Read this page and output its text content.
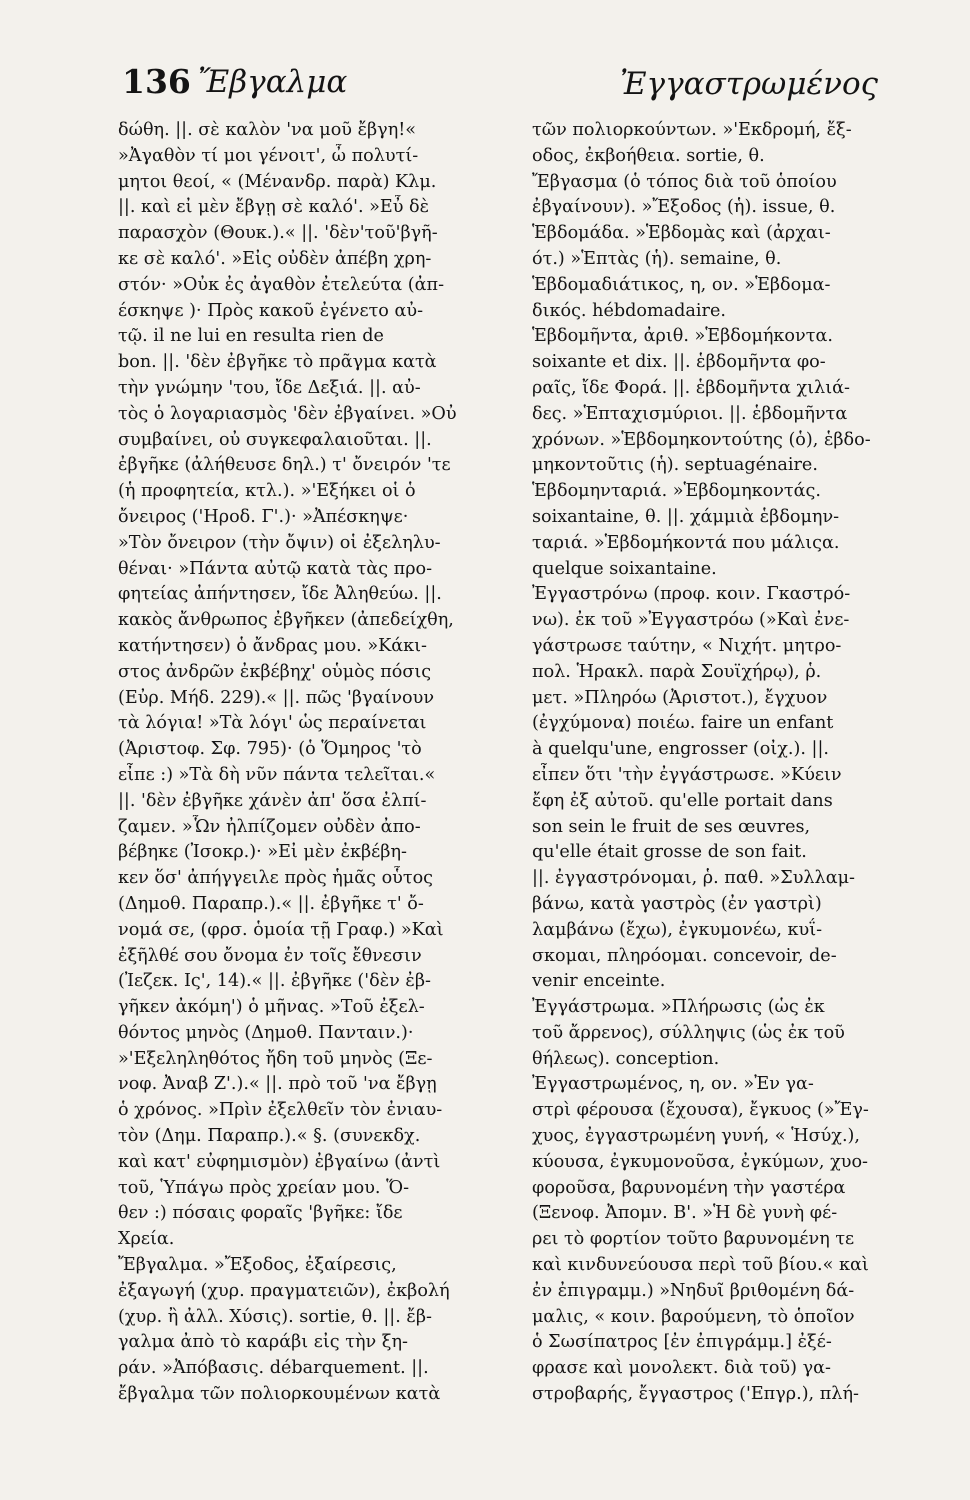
136 Ἔβγαλμα	Ἐγγαστρωμένος
δώθη. ||. σὲ καλὸν 'να μοῦ ἔβγη!«
»Ἀγαθὸν τί μοι γένοιτ', ὦ πολυτί-
μητοι θεοί, « (Μένανδρ. παρὰ) Κλμ.
||. καὶ εἰ μὲν ἔβγῃ σὲ καλό'. »Εὖ δὲ
παρασχὸν (Θουκ.).« ||. 'δὲν'τοῦ'βγῆ-
κε σὲ καλό'. »Εἰς οὐδὲν ἀπέβη χρη-
στόν· »Οὐκ ἐς ἀγαθὸν ἐτελεύτα (ἀπ-
έσκηψε )· Πρὸς κακοῦ ἐγένετο αὐ-
τῷ. il ne lui en resulta rien de
bon. ||. 'δὲν ἐβγῆκε τὸ πρᾶγμα κατὰ
τὴν γνώμην 'του, ἴδε Δεξιά. ||. αὐ-
τὸς ὁ λογαριασμὸς 'δὲν ἐβγαίνει. »Οὐ
συμβαίνει, οὐ συγκεφαλαιοῦται. ||.
ἐβγῆκε (ἀλήθευσε δηλ.) τ' ὄνειρόν 'τε
(ἡ προφητεία, κτλ.). »'Εξήκει οἱ ὁ
ὄνειρος ('Ηροδ. Γ'.)· »Ἀπέσκηψε·
»Τὸν ὄνειρον (τὴν ὄψιν) οἱ ἐξεληλυ-
θέναι· »Πάντα αὐτῷ κατὰ τὰς προ-
φητείας ἀπήντησεν, ἴδε Ἀληθεύω. ||.
κακὸς ἄνθρωπος ἐβγῆκεν (ἀπεδείχθη,
κατήντησεν) ὁ ἄνδρας μου. »Κάκι-
στος ἀνδρῶν ἐκβέβηχ' οὑμὸς πόσις
(Εὐρ. Μήδ. 229).« ||. πῶς 'βγαίνουν
τὰ λόγια! »Τὰ λόγι' ὡς περαίνεται
(Ἀριστοφ. Σφ. 795)· (ὁ Ὅμηρος 'τὸ
εἶπε :) »Τὰ δὴ νῦν πάντα τελεῖται.«
||. 'δὲν ἐβγῆκε χάνὲν ἀπ' ὅσα ἐλπί-
ζαμεν. »Ὧν ἠλπίζομεν οὐδὲν ἀπο-
βέβηκε (Ἰσοκρ.)· »Εἰ μὲν ἐκβέβη-
κεν ὅσ' ἀπήγγειλε πρὸς ἡμᾶς οὗτος
(Δημοθ. Παραπρ.).« ||. ἐβγῆκε τ' ὄ-
νομά σε, (φρσ. ὁμοία τῇ Γραφ.) »Καὶ
ἐξῆλθέ σου ὄνομα ἐν τοῖς ἔθνεσιν
(Ἰεζεκ. Ις', 14).« ||. ἐβγῆκε ('δὲν ἐβ-
γῆκεν ἀκόμη') ὁ μῆνας. »Τοῦ ἐξελ-
θόντος μηνὸς (Δημοθ. Πανταιν.)·
»'Εξεληληθότος ἤδη τοῦ μηνὸς (Ξε-
νοφ. Ἀναβ Ζ'.).« ||. πρὸ τοῦ 'να ἔβγῃ
ὁ χρόνος. »Πρὶν ἐξελθεῖν τὸν ἐνιαυ-
τὸν (Δημ. Παραπρ.).« §. (συνεκδχ.
καὶ κατ' εὐφημισμὸν) ἐβγαίνω (ἀντὶ
τοῦ, Ὑπάγω πρὸς χρείαν μου. Ὅ-
θεν :) πόσαις φοραῖς 'βγῆκε: ἴδε
Χρεία.
Ἔβγαλμα. »Ἔξοδος, ἐξαίρεσις,
ἐξαγωγή (χυρ. πραγματειῶν), ἐκβολή
(χυρ. ἢ ἀλλ. Χύσις). sortie, θ. ||. ἔβ-
γαλμα ἀπὸ τὸ καράβι εἰς τὴν ξη-
ράν. »Ἀπόβασις. débarquement. ||.
ἔβγαλμα τῶν πολιορκουμένων κατὰ
τῶν πολιορκούντων. »'Εκδρομή, ἔξ-
οδος, ἐκβοήθεια. sortie, θ.
Ἔβγασμα (ὁ τόπος διὰ τοῦ ὁποίου
ἐβγαίνουν). »Ἔξοδος (ἡ). issue, θ.
Ἑβδομάδα. »Ἑβδομὰς καὶ (ἀρχαι-
ότ.) »Ἑπτὰς (ἡ). semaine, θ.
Ἑβδομαδιάτικος, η, ον. »Ἑβδομα-
δικός. hébdomadaire.
Ἑβδομῆντα, ἀριθ. »Ἑβδομήκοντα.
soixante et dix. ||. ἑβδομῆντα φο-
ραῖς, ἴδε Φορά. ||. ἑβδομῆντα χιλιά-
δες. »Ἑπταχισμύριοι. ||. ἑβδομῆντα
χρόνων. »Ἑβδομηκοντούτης (ὁ), ἑβδο-
μηκοντοῦτις (ἡ). septuagénaire.
Ἑβδομηνταριά. »Ἑβδομηκοντάς.
soixantaine, θ. ||. χάμμιὰ ἑβδομην-
ταριά. »Ἑβδομήκοντά που μάλιςα.
quelque soixantaine.
Ἐγγαστρόνω (προφ. κοιν. Γκαστρό-
νω). ἐκ τοῦ »Ἐγγαστρόω (»Καὶ ἐνε-
γάστρωσε ταύτην, « Νιχήτ. μητρο-
πολ. Ἡρακλ. παρὰ Σουϊχήρῳ), ῥ.
μετ. »Πληρόω (Ἀριστοτ.), ἔγχυον
(ἐγχύμονα) ποιέω. faire un enfant
à quelqu'une, engrosser (οἰχ.). ||.
εἶπεν ὅτι 'τὴν ἐγγάστρωσε. »Κύειν
ἔφη ἐξ αὐτοῦ. qu'elle portait dans
son sein le fruit de ses œuvres,
qu'elle était grosse de son fait.
||. ἐγγαστρόνομαι, ῥ. παθ. »Συλλαμ-
βάνω, κατὰ γαστρὸς (ἐν γαστρὶ)
λαμβάνω (ἔχω), ἐγκυμονέω, κυΐ-
σκομαι, πληρόομαι. concevoir, de-
venir enceinte.
Ἐγγάστρωμα. »Πλήρωσις (ὡς ἐκ
τοῦ ἄρρενος), σύλληψις (ὡς ἐκ τοῦ
θήλεως). conception.
Ἐγγαστρωμένος, η, ον. »Ἐν γα-
στρὶ φέρουσα (ἔχουσα), ἔγκυος (»Ἔγ-
χυος, ἐγγαστρωμένη γυνή, « Ἡσύχ.),
κύουσα, ἐγκυμονοῦσα, ἐγκύμων, χυο-
φοροῦσα, βαρυνομένη τὴν γαστέρα
(Ξενοφ. Ἀπομν. Β'. »Ἡ δὲ γυνὴ φέ-
ρει τὸ φορτίον τοῦτο βαρυνομένη τε
καὶ κινδυνεύουσα περὶ τοῦ βίου.« καὶ
ἐν ἐπιγραμμ.) »Νηδυῖ βριθομένη δά-
μαλις, « κοιν. βαρούμενη, τὸ ὁποῖον
ὁ Σωσίπατρος [ἐν ἐπιγράμμ.] ἐξέ-
φρασε καὶ μονολεκτ. διὰ τοῦ) γα-
στροβαρής, ἔγγαστρος ('Επγρ.), πλή-
